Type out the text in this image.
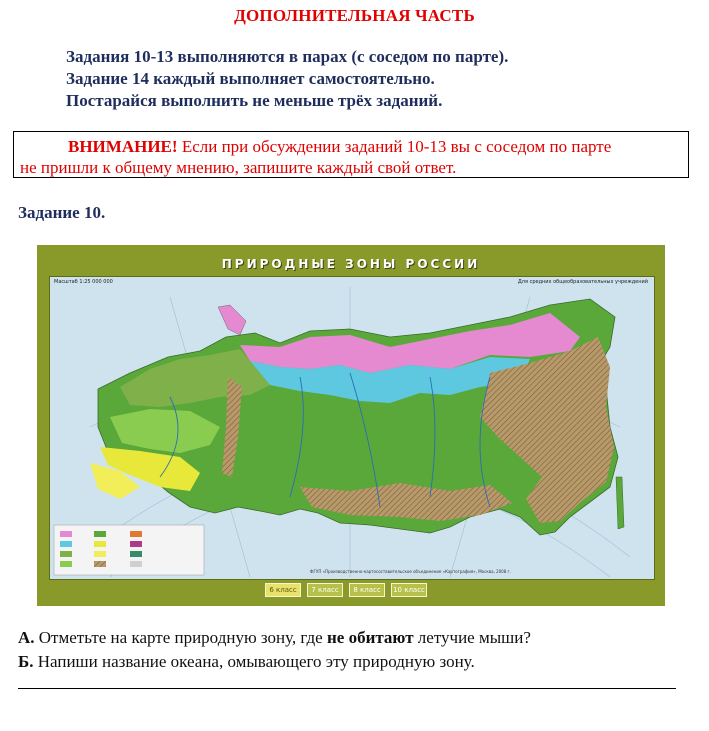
ДОПОЛНИТЕЛЬНАЯ ЧАСТЬ
Задания 10-13 выполняются в парах (с соседом по парте).
Задание 14 каждый выполняет самостоятельно.
Постарайся выполнить не меньше трёх заданий.
ВНИМАНИЕ! Если при обсуждении заданий 10-13 вы с соседом по парте
не пришли к общему мнению, запишите каждый свой ответ.
Задание 10.
ПРИРОДНЫЕ ЗОНЫ РОССИИ
Масштаб 1:25 000 000	Для средних общеобразовательных учреждений
ФГУП «Производственно-картосоставительское объединение «Картография», Москва, 2008 г.
6 класс	7 класс	8 класс	10 класс
А. Отметьте на карте природную зону, где не обитают летучие мыши?
Б. Напиши название океана, омывающего эту природную зону.
